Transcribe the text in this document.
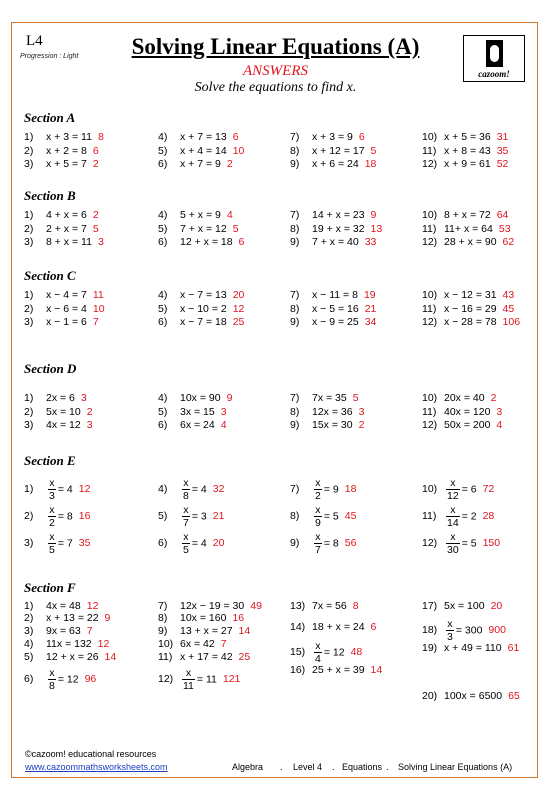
L4
Progression : Light	Solving Linear Equations (A)
ANSWERS
Solve the equations to find x.
cazoom!
Section A
1) x + 3 = 11 8
2) x + 2 = 8 6
3) x + 5 = 7 2
4) x + 7 = 13 6
5) x + 4 = 14 10
6) x + 7 = 9 2
7) x + 3 = 9 6
8) x + 12 = 17 5
9) x + 6 = 24 18
10) x + 5 = 36 31
11) x + 8 = 43 35
12) x + 9 = 61 52
Section B
1) 4 + x = 6 2
2) 2 + x = 7 5
3) 8 + x = 11 3
4) 5 + x = 9 4
5) 7 + x = 12 5
6) 12 + x = 18 6
7) 14 + x = 23 9
8) 19 + x = 32 13
9) 7 + x = 40 33
10) 8 + x = 72 64
11) 11+ x = 64 53
12) 28 + x = 90 62
Section C
1) x − 4 = 7 11
2) x − 6 = 4 10
3) x − 1 = 6 7
4) x − 7 = 13 20
5) x − 10 = 2 12
6) x − 7 = 18 25
7) x − 11 = 8 19
8) x − 5 = 16 21
9) x − 9 = 25 34
10) x − 12 = 31 43
11) x − 16 = 29 45
12) x − 28 = 78 106
Section D
1) 2x = 6 3
2) 5x = 10 2
3) 4x = 12 3
4) 10x = 90 9
5) 3x = 15 3
6) 6x = 24 4
7) 7x = 35 5
8) 12x = 36 3
9) 15x = 30 2
10) 20x = 40 2
11) 40x = 120 3
12) 50x = 200 4
Section E
$1) \frac{x}{3} = 4$ 12
$2) \frac{x}{2} = 8$ 16
$3) \frac{x}{5} = 7$ 35
$4) \frac{x}{8} = 4$ 32
$5) \frac{x}{7} = 3$ 21
$6) \frac{x}{5} = 4$ 20
$7) \frac{x}{2} = 9$ 18
$8) \frac{x}{9} = 5$ 45
$9) \frac{x}{7} = 8$ 56
$10) \frac{x}{12} = 6$ 72
$11) \frac{x}{14} = 2$ 28
$12) \frac{x}{30} = 5$ 150
Section F
1) 4x = 48 12
2) x + 13 = 22 9
3) 9x = 63 7
4) 11x = 132 12
5) 12 + x = 26 14
$6) \frac{x}{8} = 12$ 96
7) 12x − 19 = 30 49
8) 10x = 160 16
9) 13 + x = 27 14
10) 6x = 42 7
11) x + 17 = 42 25
$12) \frac{x}{11} = 11$ 121
13) 7x = 56 8
14) 18 + x = 24 6
$15) \frac{x}{4} = 12$ 48
16) 25 + x = 39 14
17) 5x = 100 20
$18) \frac{x}{3} = 300$ 900
19) x + 49 = 110 61
20) 100x = 6500 65
©cazoom! educational resources
www.cazoommathsworksheets.com	Algebra . Level 4 . Equations . Solving Linear Equations (A)
